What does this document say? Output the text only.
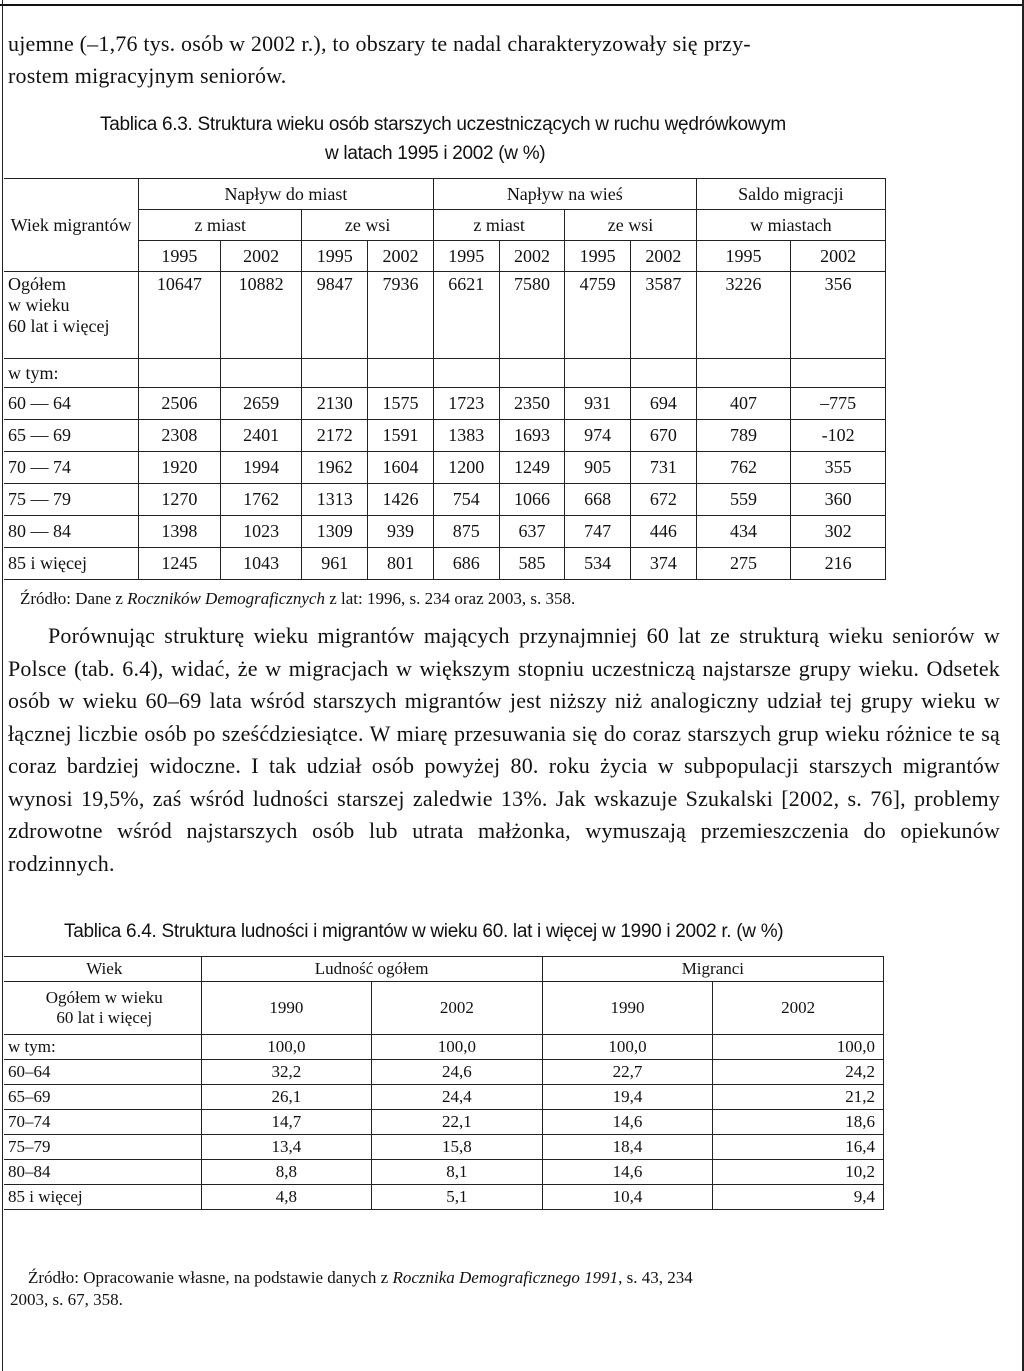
ujemne (–1,76 tys. osób w 2002 r.), to obszary te nadal charakteryzowały się przy-
rostem migracyjnym seniorów.

Tablica 6.3. Struktura wieku osób starszych uczestniczących w ruchu wędrówkowym
w latach 1995 i 2002 (w %)
Wiek migrantów	Napływ do miast				Napływ na wieś				Saldo migracji	
	z miast		ze wsi		z miast		ze wsi		w miastach	
	1995	2002	1995	2002	1995	2002	1995	2002	1995	2002
Ogółem
w wieku
60 lat i więcej	10647	10882	9847	7936	6621	7580	4759	3587	3226	356
w tym:										
60 — 64	2506	2659	2130	1575	1723	2350	931	694	407	–775
65 — 69	2308	2401	2172	1591	1383	1693	974	670	789	-102
70 — 74	1920	1994	1962	1604	1200	1249	905	731	762	355
75 — 79	1270	1762	1313	1426	754	1066	668	672	559	360
80 — 84	1398	1023	1309	939	875	637	747	446	434	302
85 i więcej	1245	1043	961	801	686	585	534	374	275	216
Źródło: Dane z Roczników Demograficznych z lat: 1996, s. 234 oraz 2003, s. 358.

Porównując strukturę wieku migrantów mających przynajmniej 60 lat ze strukturą wieku seniorów w Polsce (tab. 6.4), widać, że w migracjach w większym stopniu uczestniczą najstarsze grupy wieku. Odsetek osób w wieku 60–69 lata wśród starszych migrantów jest niższy niż analogiczny udział tej grupy wieku w łącznej liczbie osób po sześćdziesiątce. W miarę przesuwania się do coraz starszych grup wieku różnice te są coraz bardziej widoczne. I tak udział osób powyżej 80. roku życia w subpopulacji starszych migrantów wynosi 19,5%, zaś wśród ludności starszej zaledwie 13%. Jak wskazuje Szukalski [2002, s. 76], problemy zdrowotne wśród najstarszych osób lub utrata małżonka, wymuszają przemieszczenia do opiekunów rodzinnych.

Tablica 6.4. Struktura ludności i migrantów w wieku 60. lat i więcej w 1990 i 2002 r. (w %)
Wiek	Ludność ogółem		Migranci	
Ogółem w wieku
60 lat i więcej	1990	2002	1990	2002
w tym:	100,0	100,0	100,0	100,0
60–64	32,2	24,6	22,7	24,2
65–69	26,1	24,4	19,4	21,2
70–74	14,7	22,1	14,6	18,6
75–79	13,4	15,8	18,4	16,4
80–84	8,8	8,1	14,6	10,2
85 i więcej	4,8	5,1	10,4	9,4
Źródło: Opracowanie własne, na podstawie danych z Rocznika Demograficznego 1991, s. 43, 234
2003, s. 67, 358.
